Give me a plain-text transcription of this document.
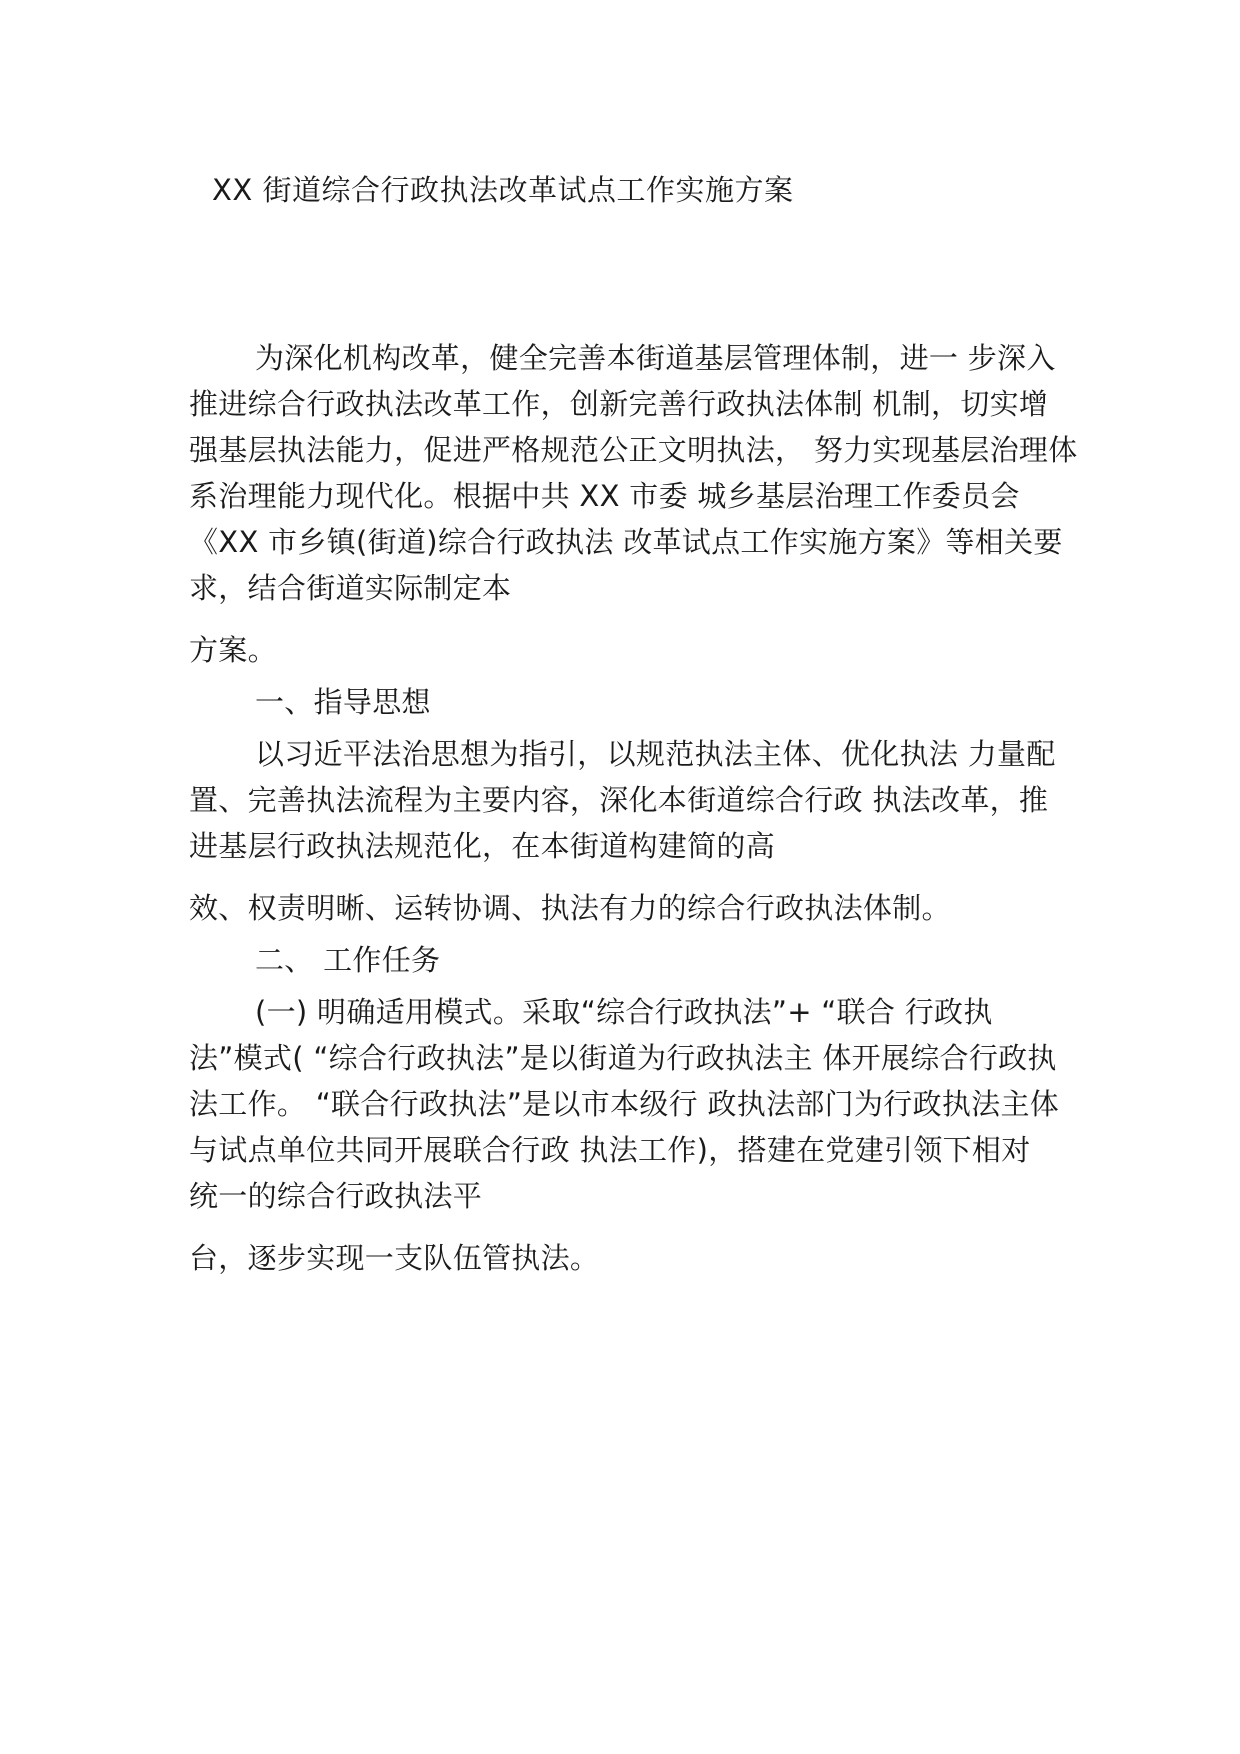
XX 街道综合行政执法改革试点工作实施方案
为深化机构改革，健全完善本街道基层管理体制，进一 步深入
推进综合行政执法改革工作，创新完善行政执法体制 机制，切实增
强基层执法能力，促进严格规范公正文明执法， 努力实现基层治理体
系治理能力现代化。根据中共 XX 市委 城乡基层治理工作委员会
《XX 市乡镇(街道)综合行政执法 改革试点工作实施方案》等相关要
求，结合街道实际制定本
方案。
一、指导思想
以习近平法治思想为指引，以规范执法主体、优化执法 力量配
置、完善执法流程为主要内容，深化本街道综合行政 执法改革，推
进基层行政执法规范化，在本街道构建简的高
效、权责明晰、运转协调、执法有力的综合行政执法体制。
二、 工作任务
(一) 明确适用模式。采取“综合行政执法”+ “联合 行政执
法”模式( “综合行政执法”是以街道为行政执法主 体开展综合行政执
法工作。 “联合行政执法”是以市本级行 政执法部门为行政执法主体
与试点单位共同开展联合行政 执法工作)，搭建在党建引领下相对
统一的综合行政执法平
台，逐步实现一支队伍管执法。
